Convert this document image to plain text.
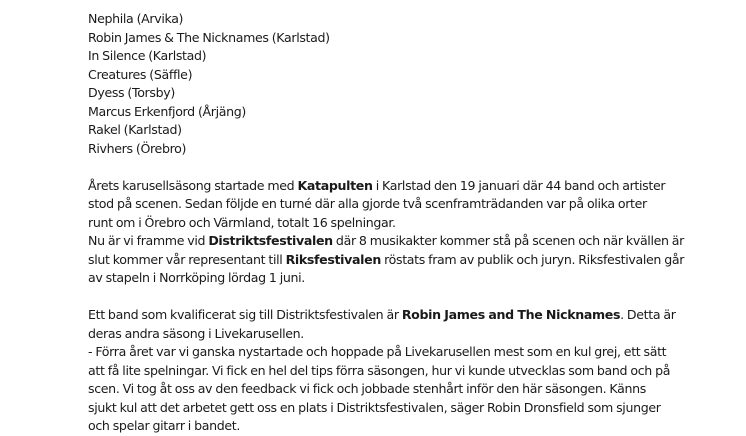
Nephila (Arvika)
Robin James & The Nicknames (Karlstad)
In Silence (Karlstad)
Creatures (Säffle)
Dyess (Torsby)
Marcus Erkenfjord (Årjäng)
Rakel (Karlstad)
Rivhers (Örebro)
Årets karusellsäsong startade med Katapulten i Karlstad den 19 januari där 44 band och artister
stod på scenen. Sedan följde en turné där alla gjorde två scenframträdanden var på olika orter
runt om i Örebro och Värmland, totalt 16 spelningar.
Nu är vi framme vid Distriktsfestivalen där 8 musikakter kommer stå på scenen och när kvällen är
slut kommer vår representant till Riksfestivalen röstats fram av publik och juryn. Riksfestivalen går
av stapeln i Norrköping lördag 1 juni.
Ett band som kvalificerat sig till Distriktsfestivalen är Robin James and The Nicknames. Detta är
deras andra säsong i Livekarusellen.
- Förra året var vi ganska nystartade och hoppade på Livekarusellen mest som en kul grej, ett sätt
att få lite spelningar. Vi fick en hel del tips förra säsongen, hur vi kunde utvecklas som band och på
scen. Vi tog åt oss av den feedback vi fick och jobbade stenhårt inför den här säsongen. Känns
sjukt kul att det arbetet gett oss en plats i Distriktsfestivalen, säger Robin Dronsfield som sjunger
och spelar gitarr i bandet.
